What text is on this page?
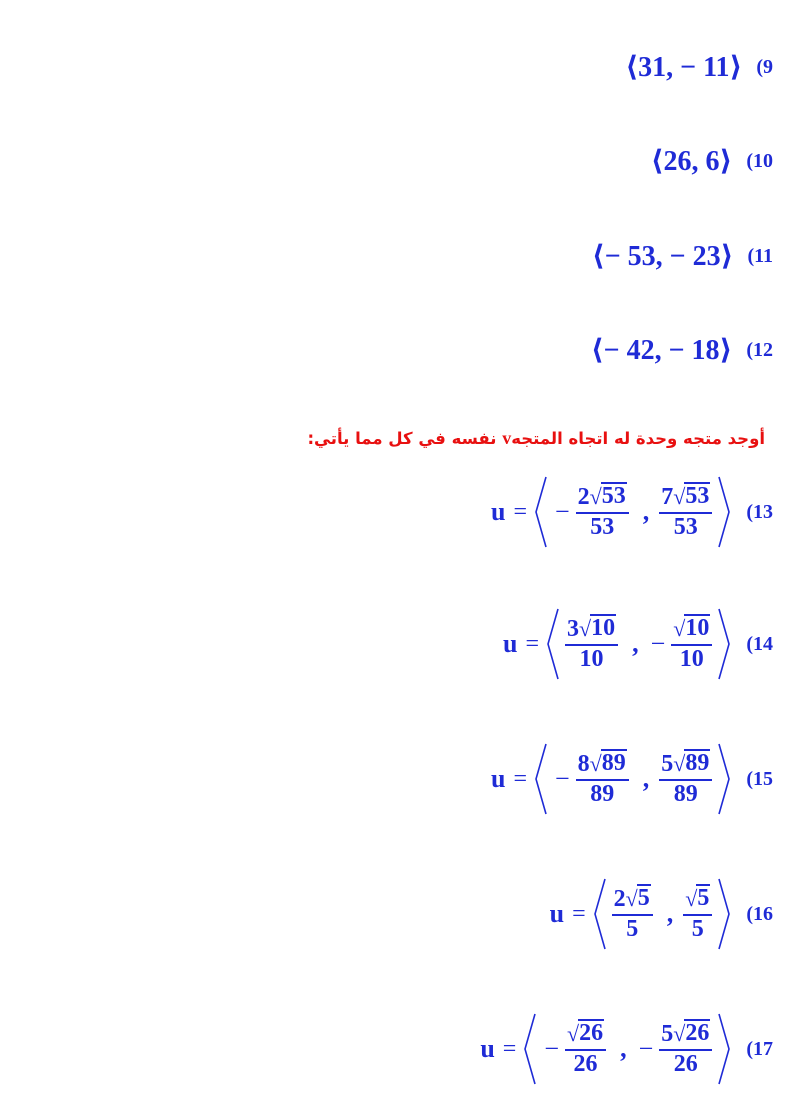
(9
⟨31, − 11⟩
(10
⟨26, 6⟩
(11
⟨− 53, − 23⟩
(12
⟨− 42, − 18⟩
أوجد متجه وحدة له اتجاه المتجهv نفسه في كل مما يأتي:
(13
u = − $\frac{2 √ 53}{53}$ , $\frac{7 √ 53}{53}$
(14
$u = \frac{3 √ 10}{10}$ , − $\frac{√ 10}{10}$
(15
u = − $\frac{8 √ 89}{89}$ , $\frac{5 √ 89}{89}$
(16
$u = \frac{2 √ 5}{5}$ , $\frac{√ 5}{5}$
(17
u = − $\frac{√ 26}{26}$ , − $\frac{5 √ 26}{26}$
